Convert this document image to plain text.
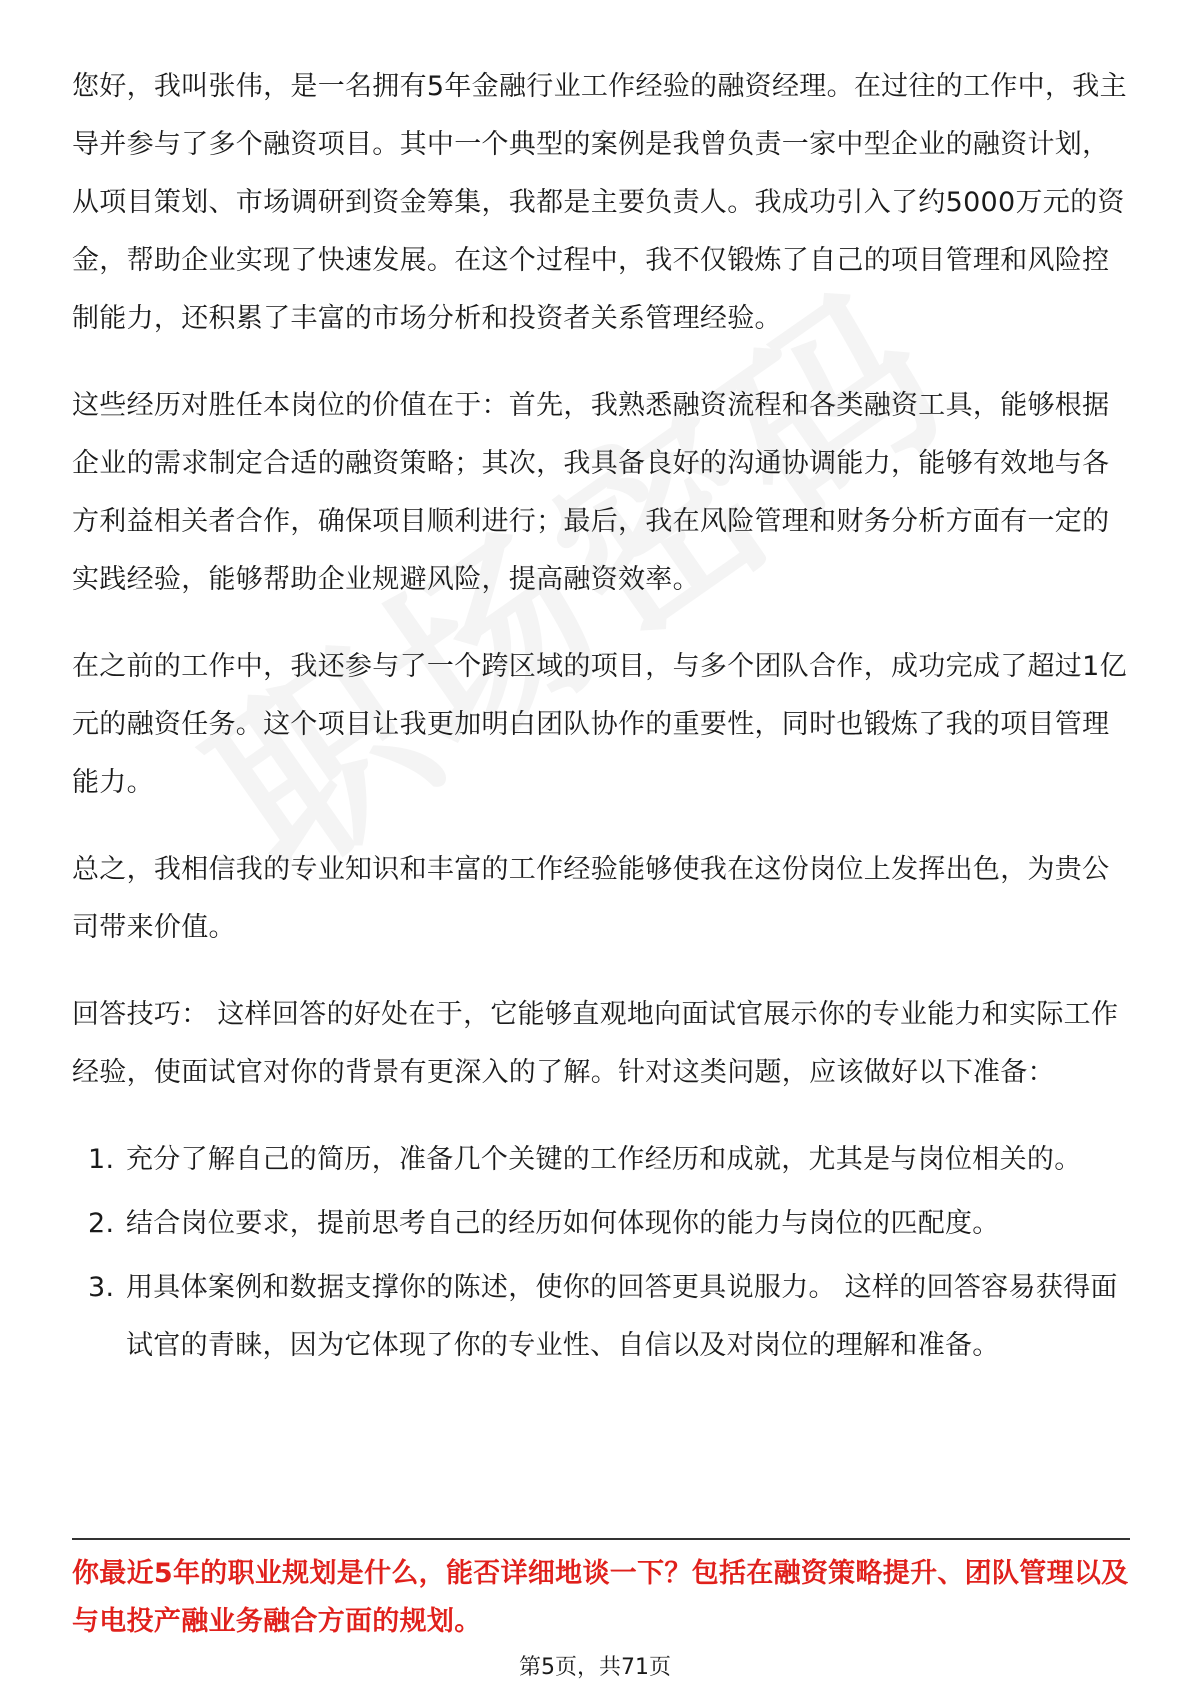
您好，我叫张伟，是一名拥有5年金融行业工作经验的融资经理。在过往的工作中，我主导并参与了多个融资项目。其中一个典型的案例是我曾负责一家中型企业的融资计划，从项目策划、市场调研到资金筹集，我都是主要负责人。我成功引入了约5000万元的资金，帮助企业实现了快速发展。在这个过程中，我不仅锻炼了自己的项目管理和风险控制能力，还积累了丰富的市场分析和投资者关系管理经验。

这些经历对胜任本岗位的价值在于：首先，我熟悉融资流程和各类融资工具，能够根据企业的需求制定合适的融资策略；其次，我具备良好的沟通协调能力，能够有效地与各方利益相关者合作，确保项目顺利进行；最后，我在风险管理和财务分析方面有一定的实践经验，能够帮助企业规避风险，提高融资效率。

在之前的工作中，我还参与了一个跨区域的项目，与多个团队合作，成功完成了超过1亿元的融资任务。这个项目让我更加明白团队协作的重要性，同时也锻炼了我的项目管理能力。

总之，我相信我的专业知识和丰富的工作经验能够使我在这份岗位上发挥出色，为贵公司带来价值。

回答技巧： 这样回答的好处在于，它能够直观地向面试官展示你的专业能力和实际工作经验，使面试官对你的背景有更深入的了解。针对这类问题，应该做好以下准备：

1. 充分了解自己的简历，准备几个关键的工作经历和成就，尤其是与岗位相关的。
2. 结合岗位要求，提前思考自己的经历如何体现你的能力与岗位的匹配度。
3. 用具体案例和数据支撑你的陈述，使你的回答更具说服力。 这样的回答容易获得面试官的青睐，因为它体现了你的专业性、自信以及对岗位的理解和准备。
你最近5年的职业规划是什么，能否详细地谈一下？包括在融资策略提升、团队管理以及与电投产融业务融合方面的规划。
第5页，共71页
